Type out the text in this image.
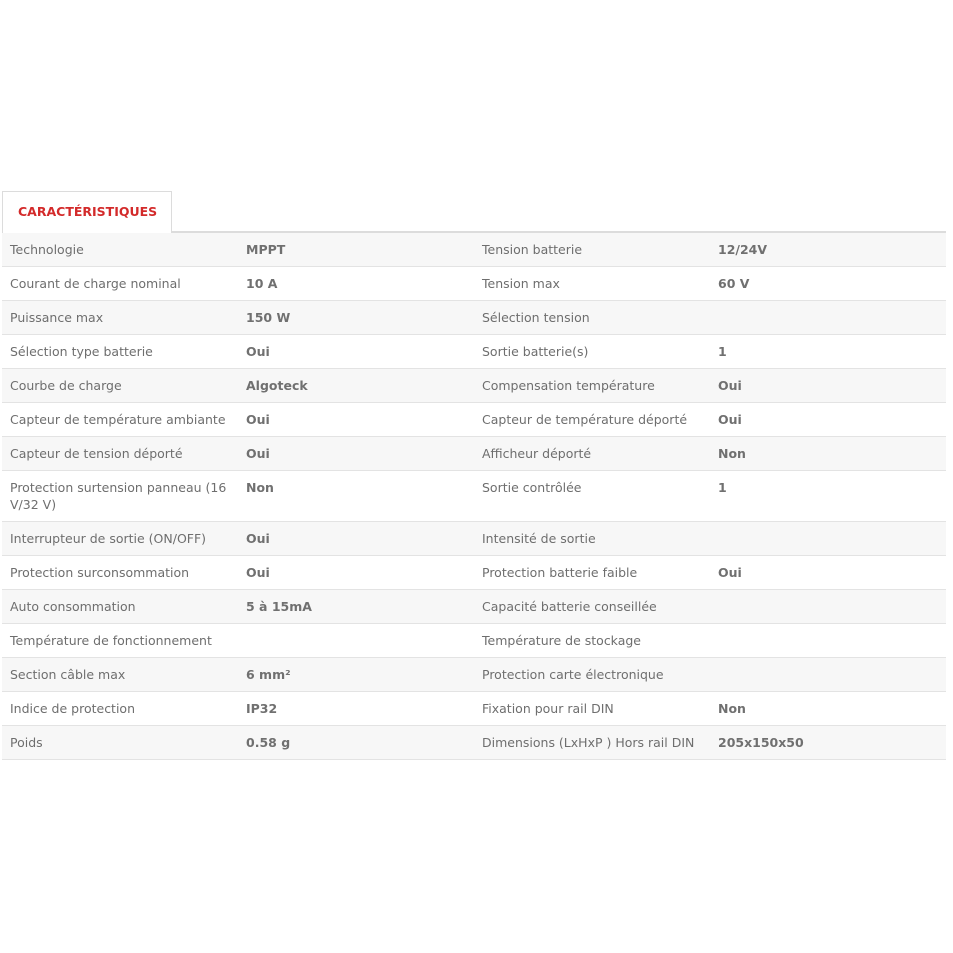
CARACTÉRISTIQUES
Technologie	MPPT	Tension batterie	12/24V
Courant de charge nominal	10 A	Tension max	60 V
Puissance max	150 W	Sélection tension	
Sélection type batterie	Oui	Sortie batterie(s)	1
Courbe de charge	Algoteck	Compensation température	Oui
Capteur de température ambiante	Oui	Capteur de température déporté	Oui
Capteur de tension déporté	Oui	Afficheur déporté	Non
Protection surtension panneau (16 V/32 V)	Non	Sortie contrôlée	1
Interrupteur de sortie (ON/OFF)	Oui	Intensité de sortie	
Protection surconsommation	Oui	Protection batterie faible	Oui
Auto consommation	5 à 15mA	Capacité batterie conseillée	
Température de fonctionnement		Température de stockage	
Section câble max	6 mm²	Protection carte électronique	
Indice de protection	IP32	Fixation pour rail DIN	Non
Poids	0.58 g	Dimensions (LxHxP ) Hors rail DIN	205x150x50
